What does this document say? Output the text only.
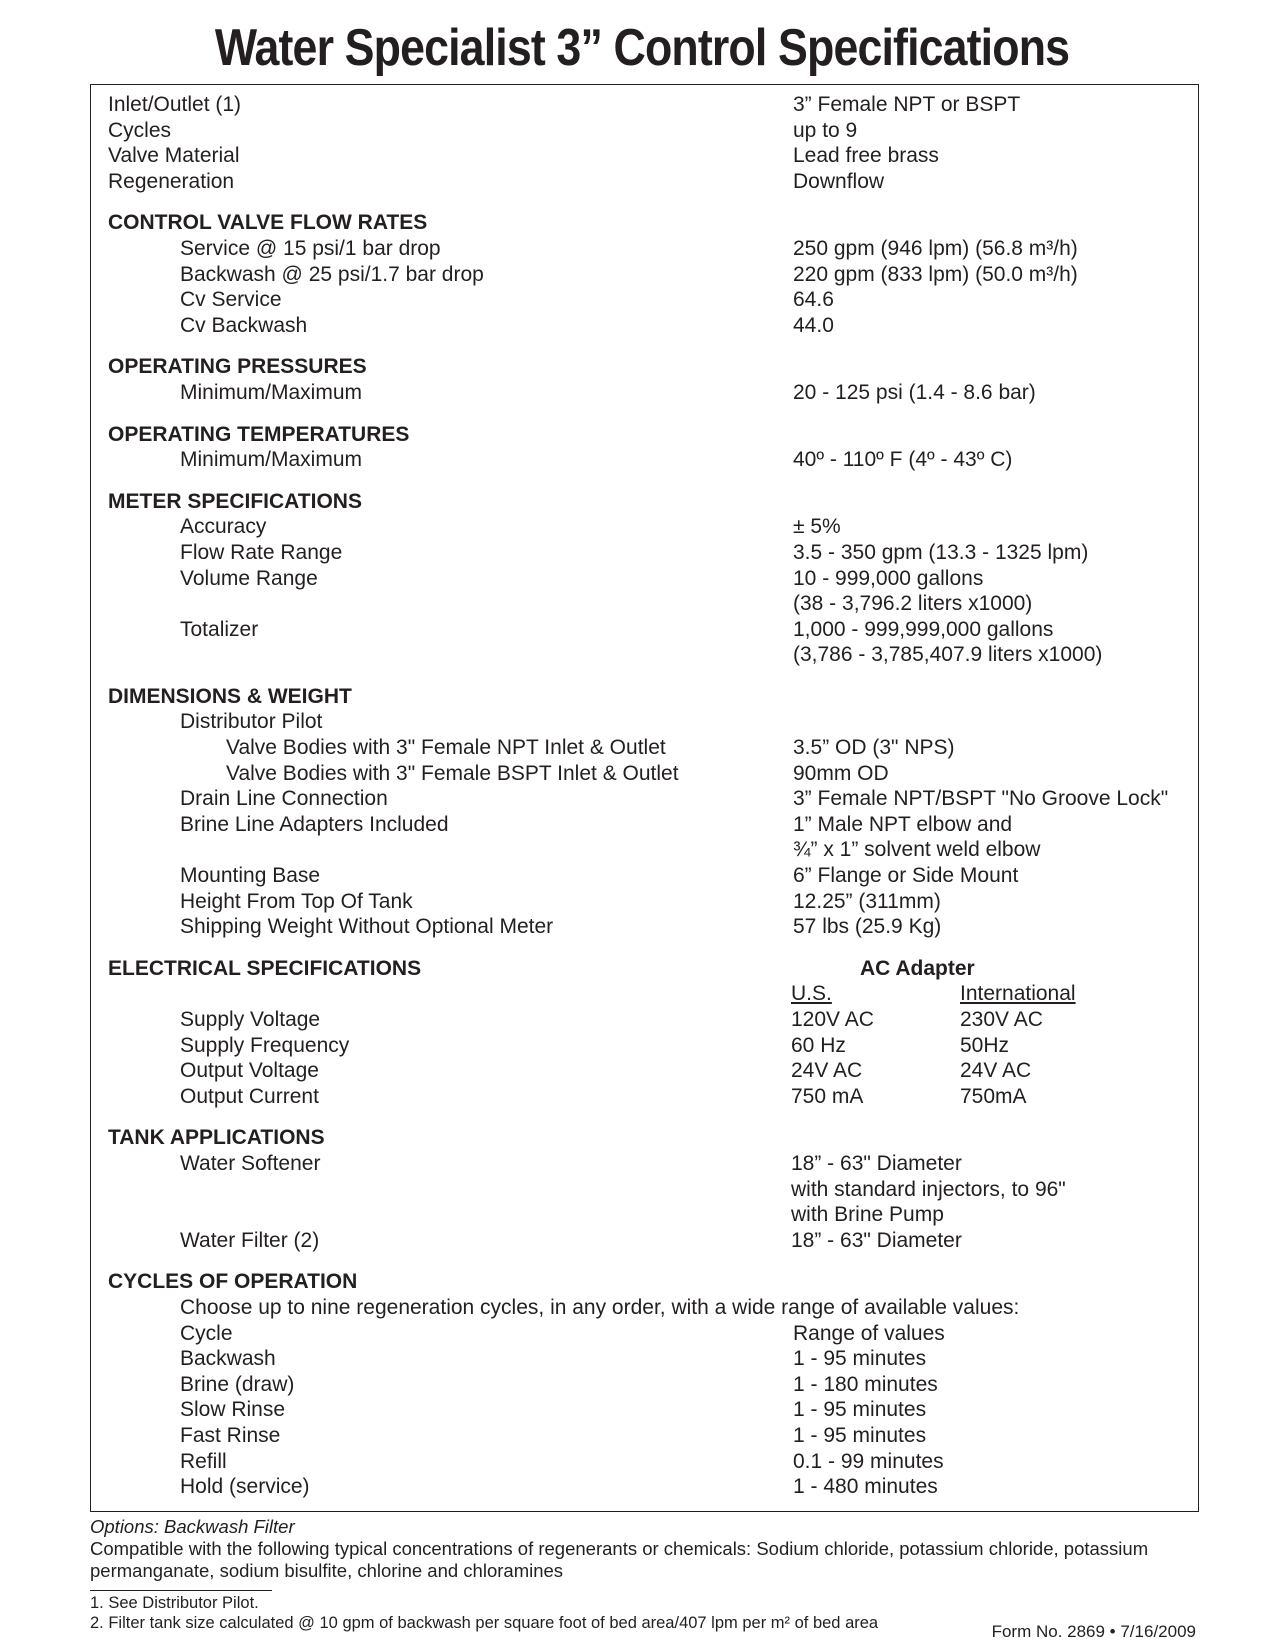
Water Specialist 3” Control Specifications
Inlet/Outlet (1) .....	3” Female NPT or BSPT
Cycles .....	up to 9
Valve Material .....	Lead free brass
Regeneration .....	Downflow
CONTROL VALVE FLOW RATES
Service @ 15 psi/1 bar drop .....	250 gpm (946 lpm) (56.8 m³/h)
Backwash @ 25 psi/1.7 bar drop .....	220 gpm (833 lpm) (50.0 m³/h)
Cv Service .....	64.6
Cv Backwash .....	44.0
OPERATING PRESSURES
Minimum/Maximum .....	20 - 125 psi (1.4 - 8.6 bar)
OPERATING TEMPERATURES
Minimum/Maximum .....	40º - 110º F (4º - 43º C)
METER SPECIFICATIONS
Accuracy .....	± 5%
Flow Rate Range .....	3.5 - 350 gpm (13.3 - 1325 lpm)
Volume Range .....	10 - 999,000 gallons
(38 - 3,796.2 liters x1000)
Totalizer .....	1,000 - 999,999,000 gallons
(3,786 - 3,785,407.9 liters x1000)
DIMENSIONS & WEIGHT
Distributor Pilot
Valve Bodies with 3" Female NPT Inlet & Outlet .....	3.5” OD (3" NPS)
Valve Bodies with 3" Female BSPT Inlet & Outlet .....	90mm OD
Drain Line Connection .....	3” Female NPT/BSPT "No Groove Lock"
Brine Line Adapters Included .....	1” Male NPT elbow and
¾” x 1” solvent weld elbow
Mounting Base .....	6” Flange or Side Mount
Height From Top Of Tank .....	12.25” (311mm)
Shipping Weight Without Optional Meter .....	57 lbs (25.9 Kg)
ELECTRICAL SPECIFICATIONS	AC Adapter
U.S.	International
Supply Voltage .....	120V AC .....	230V AC
Supply Frequency .....	60 Hz .....	50Hz
Output Voltage .....	24V AC .....	24V AC
Output Current .....	750 mA .....	750mA
TANK APPLICATIONS
Water Softener .....	18” - 63" Diameter
with standard injectors, to 96"
with Brine Pump
Water Filter (2) .....	18” - 63" Diameter
CYCLES OF OPERATION
Choose up to nine regeneration cycles, in any order, with a wide range of available values:
Cycle	Range of values
Backwash .....	1 - 95 minutes
Brine (draw) .....	1 - 180 minutes
Slow Rinse .....	1 - 95 minutes
Fast Rinse .....	1 - 95 minutes
Refill .....	0.1 - 99 minutes
Hold (service) .....	1 - 480 minutes
Options: Backwash Filter
Compatible with the following typical concentrations of regenerants or chemicals: Sodium chloride, potassium chloride, potassium permanganate, sodium bisulfite, chlorine and chloramines
1. See Distributor Pilot.
2. Filter tank size calculated @ 10 gpm of backwash per square foot of bed area/407 lpm per m² of bed area	Form No. 2869 • 7/16/2009
